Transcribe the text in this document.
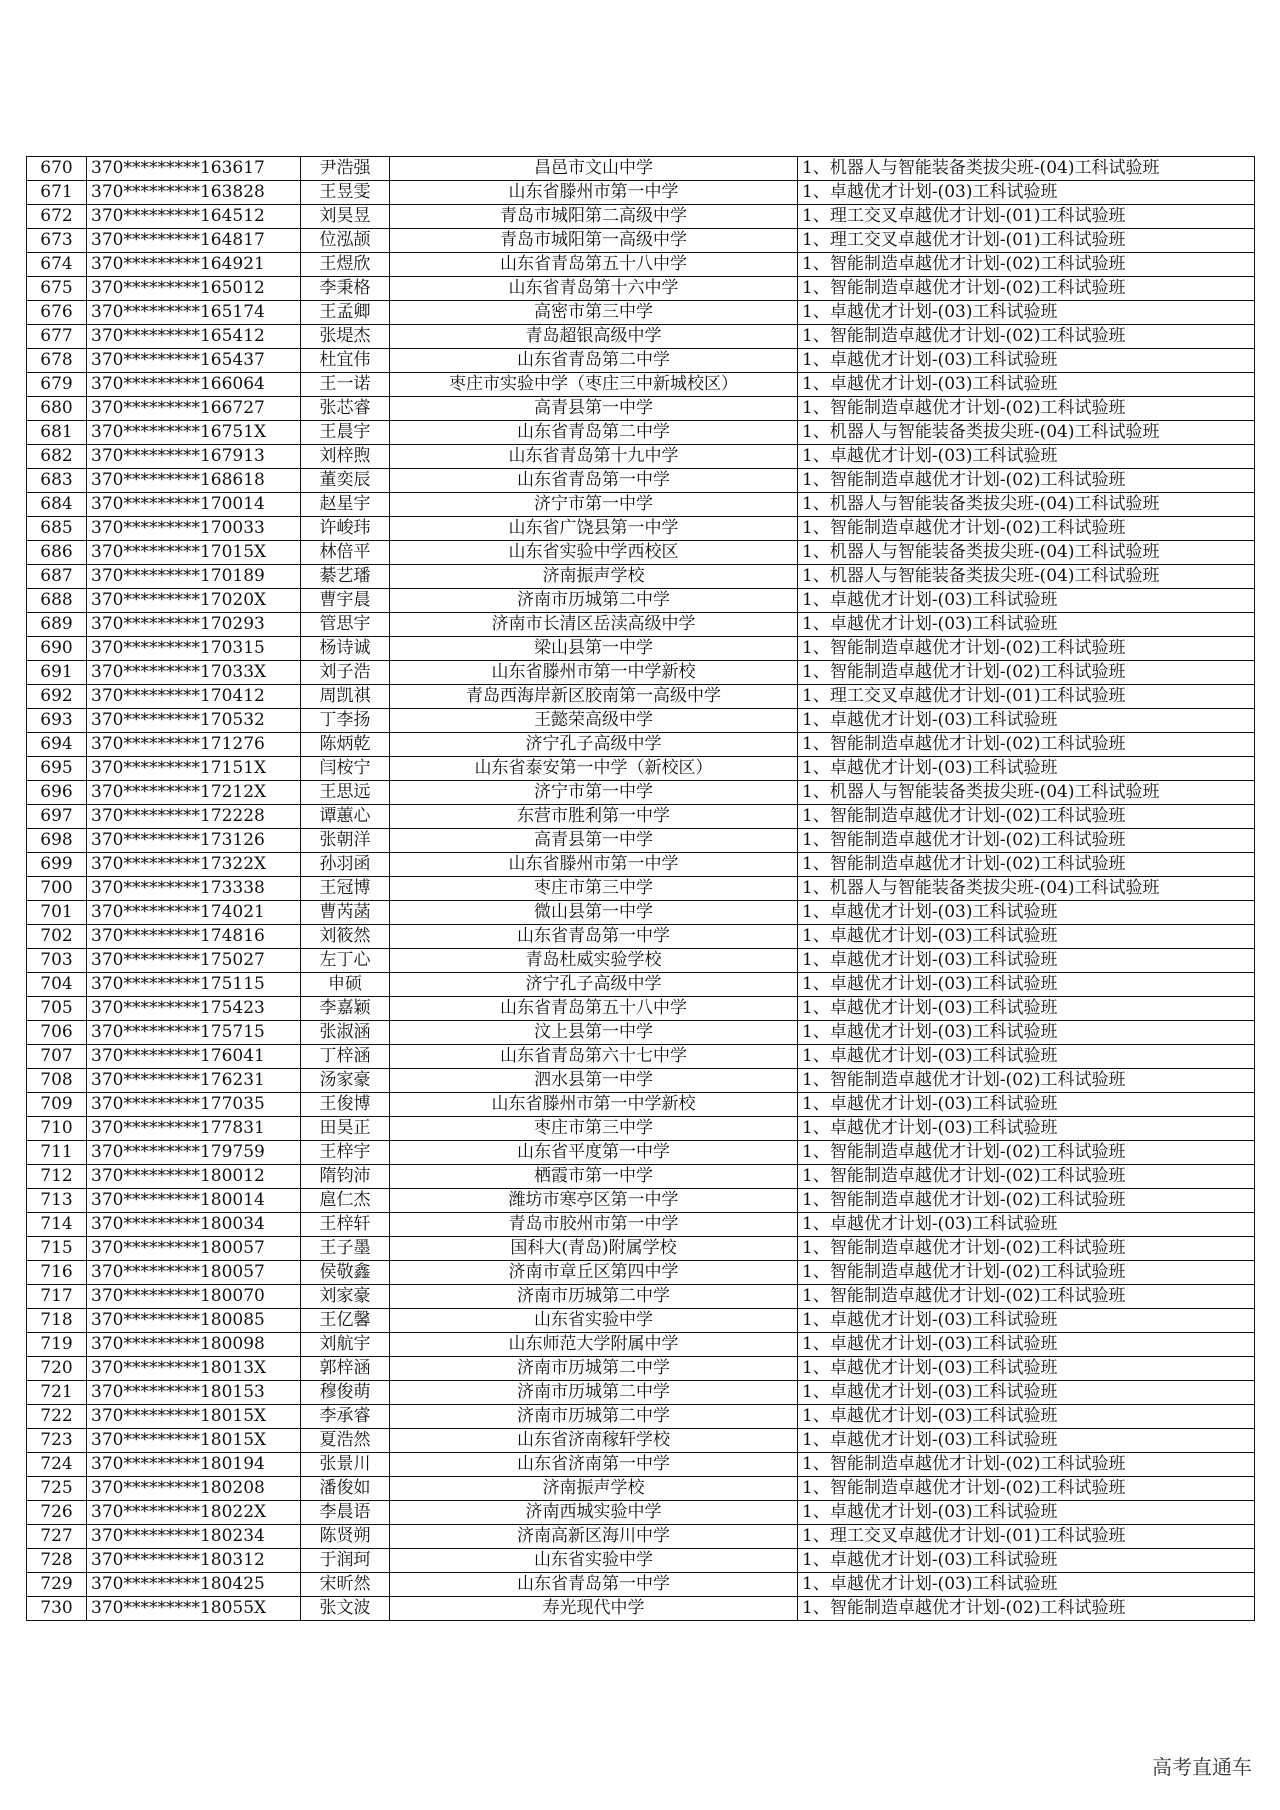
670	370*********163617	尹浩强	昌邑市文山中学	1、机器人与智能装备类拔尖班-(04)工科试验班
671	370*********163828	王昱雯	山东省滕州市第一中学	1、卓越优才计划-(03)工科试验班
672	370*********164512	刘昊昱	青岛市城阳第二高级中学	1、理工交叉卓越优才计划-(01)工科试验班
673	370*********164817	位泓颉	青岛市城阳第一高级中学	1、理工交叉卓越优才计划-(01)工科试验班
674	370*********164921	王煜欣	山东省青岛第五十八中学	1、智能制造卓越优才计划-(02)工科试验班
675	370*********165012	李秉格	山东省青岛第十六中学	1、智能制造卓越优才计划-(02)工科试验班
676	370*********165174	王孟卿	高密市第三中学	1、卓越优才计划-(03)工科试验班
677	370*********165412	张堤杰	青岛超银高级中学	1、智能制造卓越优才计划-(02)工科试验班
678	370*********165437	杜宜伟	山东省青岛第二中学	1、卓越优才计划-(03)工科试验班
679	370*********166064	王一诺	枣庄市实验中学（枣庄三中新城校区）	1、卓越优才计划-(03)工科试验班
680	370*********166727	张芯睿	高青县第一中学	1、智能制造卓越优才计划-(02)工科试验班
681	370*********16751X	王晨宇	山东省青岛第二中学	1、机器人与智能装备类拔尖班-(04)工科试验班
682	370*********167913	刘梓煦	山东省青岛第十九中学	1、卓越优才计划-(03)工科试验班
683	370*********168618	董奕辰	山东省青岛第一中学	1、智能制造卓越优才计划-(02)工科试验班
684	370*********170014	赵星宇	济宁市第一中学	1、机器人与智能装备类拔尖班-(04)工科试验班
685	370*********170033	许峻玮	山东省广饶县第一中学	1、智能制造卓越优才计划-(02)工科试验班
686	370*********17015X	林倍平	山东省实验中学西校区	1、机器人与智能装备类拔尖班-(04)工科试验班
687	370*********170189	綦艺璠	济南振声学校	1、机器人与智能装备类拔尖班-(04)工科试验班
688	370*********17020X	曹宇晨	济南市历城第二中学	1、卓越优才计划-(03)工科试验班
689	370*********170293	管思宇	济南市长清区岳渎高级中学	1、卓越优才计划-(03)工科试验班
690	370*********170315	杨诗诚	梁山县第一中学	1、智能制造卓越优才计划-(02)工科试验班
691	370*********17033X	刘子浩	山东省滕州市第一中学新校	1、智能制造卓越优才计划-(02)工科试验班
692	370*********170412	周凯祺	青岛西海岸新区胶南第一高级中学	1、理工交叉卓越优才计划-(01)工科试验班
693	370*********170532	丁李扬	王懿荣高级中学	1、卓越优才计划-(03)工科试验班
694	370*********171276	陈炳乾	济宁孔子高级中学	1、智能制造卓越优才计划-(02)工科试验班
695	370*********17151X	闫桉宁	山东省泰安第一中学（新校区）	1、卓越优才计划-(03)工科试验班
696	370*********17212X	王思远	济宁市第一中学	1、机器人与智能装备类拔尖班-(04)工科试验班
697	370*********172228	谭蕙心	东营市胜利第一中学	1、智能制造卓越优才计划-(02)工科试验班
698	370*********173126	张朝洋	高青县第一中学	1、智能制造卓越优才计划-(02)工科试验班
699	370*********17322X	孙羽函	山东省滕州市第一中学	1、智能制造卓越优才计划-(02)工科试验班
700	370*********173338	王冠博	枣庄市第三中学	1、机器人与智能装备类拔尖班-(04)工科试验班
701	370*********174021	曹芮菡	微山县第一中学	1、卓越优才计划-(03)工科试验班
702	370*********174816	刘筱然	山东省青岛第一中学	1、卓越优才计划-(03)工科试验班
703	370*********175027	左丁心	青岛杜威实验学校	1、卓越优才计划-(03)工科试验班
704	370*********175115	申硕	济宁孔子高级中学	1、卓越优才计划-(03)工科试验班
705	370*********175423	李嘉颖	山东省青岛第五十八中学	1、卓越优才计划-(03)工科试验班
706	370*********175715	张淑涵	汶上县第一中学	1、卓越优才计划-(03)工科试验班
707	370*********176041	丁梓涵	山东省青岛第六十七中学	1、卓越优才计划-(03)工科试验班
708	370*********176231	汤家豪	泗水县第一中学	1、智能制造卓越优才计划-(02)工科试验班
709	370*********177035	王俊博	山东省滕州市第一中学新校	1、卓越优才计划-(03)工科试验班
710	370*********177831	田昊正	枣庄市第三中学	1、卓越优才计划-(03)工科试验班
711	370*********179759	王梓宇	山东省平度第一中学	1、智能制造卓越优才计划-(02)工科试验班
712	370*********180012	隋钧沛	栖霞市第一中学	1、智能制造卓越优才计划-(02)工科试验班
713	370*********180014	扈仁杰	潍坊市寒亭区第一中学	1、智能制造卓越优才计划-(02)工科试验班
714	370*********180034	王梓轩	青岛市胶州市第一中学	1、卓越优才计划-(03)工科试验班
715	370*********180057	王子墨	国科大(青岛)附属学校	1、智能制造卓越优才计划-(02)工科试验班
716	370*********180057	侯敬鑫	济南市章丘区第四中学	1、智能制造卓越优才计划-(02)工科试验班
717	370*********180070	刘家豪	济南市历城第二中学	1、智能制造卓越优才计划-(02)工科试验班
718	370*********180085	王亿馨	山东省实验中学	1、卓越优才计划-(03)工科试验班
719	370*********180098	刘航宇	山东师范大学附属中学	1、卓越优才计划-(03)工科试验班
720	370*********18013X	郭梓涵	济南市历城第二中学	1、卓越优才计划-(03)工科试验班
721	370*********180153	穆俊萌	济南市历城第二中学	1、卓越优才计划-(03)工科试验班
722	370*********18015X	李承睿	济南市历城第二中学	1、卓越优才计划-(03)工科试验班
723	370*********18015X	夏浩然	山东省济南稼轩学校	1、卓越优才计划-(03)工科试验班
724	370*********180194	张景川	山东省济南第一中学	1、智能制造卓越优才计划-(02)工科试验班
725	370*********180208	潘俊如	济南振声学校	1、智能制造卓越优才计划-(02)工科试验班
726	370*********18022X	李晨语	济南西城实验中学	1、卓越优才计划-(03)工科试验班
727	370*********180234	陈贤朔	济南高新区海川中学	1、理工交叉卓越优才计划-(01)工科试验班
728	370*********180312	于润珂	山东省实验中学	1、卓越优才计划-(03)工科试验班
729	370*********180425	宋昕然	山东省青岛第一中学	1、卓越优才计划-(03)工科试验班
730	370*********18055X	张文波	寿光现代中学	1、智能制造卓越优才计划-(02)工科试验班
高考直通车
